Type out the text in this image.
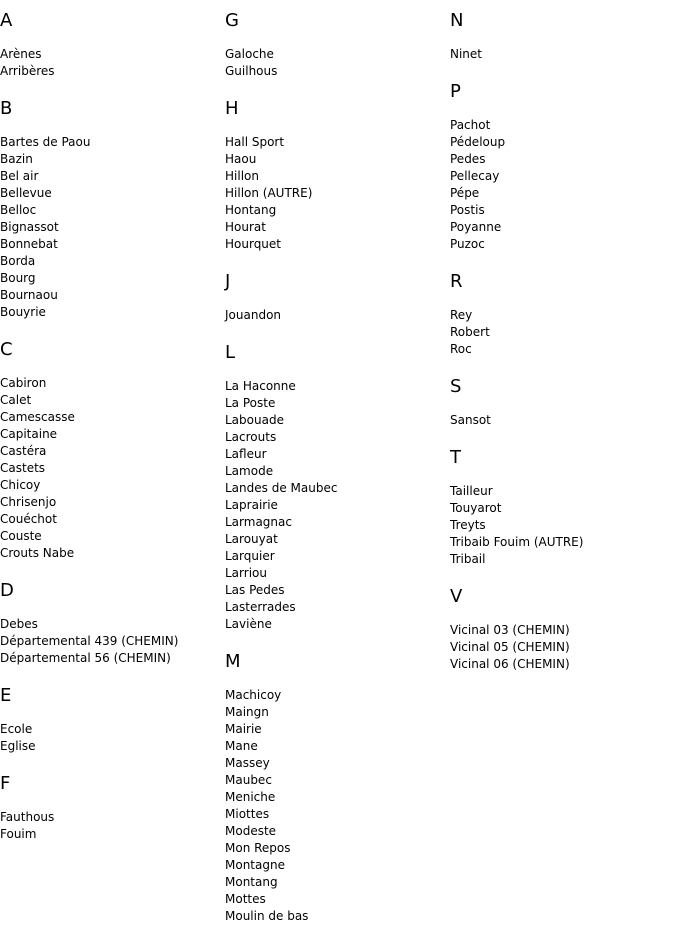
A
Arènes
Arribères
B
Bartes de Paou
Bazin
Bel air
Bellevue
Belloc
Bignassot
Bonnebat
Borda
Bourg
Bournaou
Bouyrie
C
Cabiron
Calet
Camescasse
Capitaine
Castéra
Castets
Chicoy
Chrisenjo
Couéchot
Couste
Crouts Nabe
D
Debes
Départemental 439 (CHEMIN)
Départemental 56 (CHEMIN)
E
Ecole
Eglise
F
Fauthous
Fouim
G
Galoche
Guilhous
H
Hall Sport
Haou
Hillon
Hillon (AUTRE)
Hontang
Hourat
Hourquet
J
Jouandon
L
La Haconne
La Poste
Labouade
Lacrouts
Lafleur
Lamode
Landes de Maubec
Laprairie
Larmagnac
Larouyat
Larquier
Larriou
Las Pedes
Lasterrades
Laviène
M
Machicoy
Maingn
Mairie
Mane
Massey
Maubec
Meniche
Miottes
Modeste
Mon Repos
Montagne
Montang
Mottes
Moulin de bas
N
Ninet
P
Pachot
Pédeloup
Pedes
Pellecay
Pépe
Postis
Poyanne
Puzoc
R
Rey
Robert
Roc
S
Sansot
T
Tailleur
Touyarot
Treyts
Tribaib Fouim (AUTRE)
Tribail
V
Vicinal 03 (CHEMIN)
Vicinal 05 (CHEMIN)
Vicinal 06 (CHEMIN)
